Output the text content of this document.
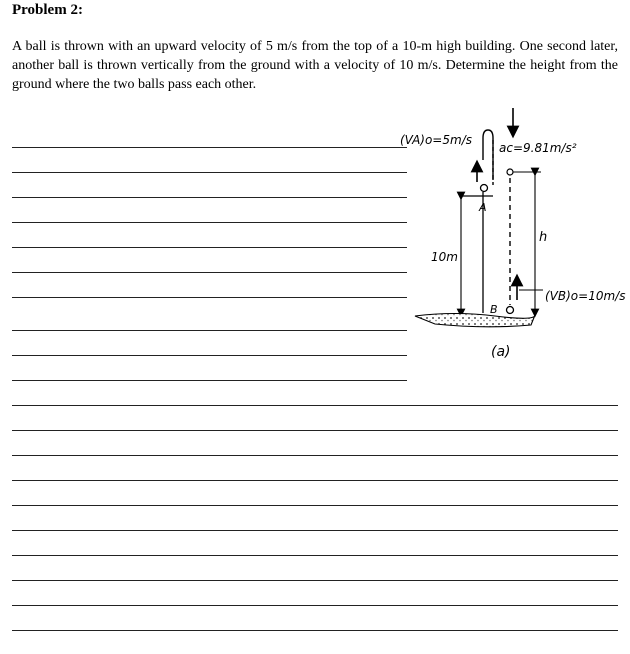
Problem 2:
A ball is thrown with an upward velocity of 5 m/s from the top of a 10-m high building. One second later, another ball is thrown vertically from the ground with a velocity of 10 m/s. Determine the height from the ground where the two balls pass each other.
(VA)o=5m/s
ac=9.81m/s²
A
h
10m
B
(VB)o=10m/s
(a)
